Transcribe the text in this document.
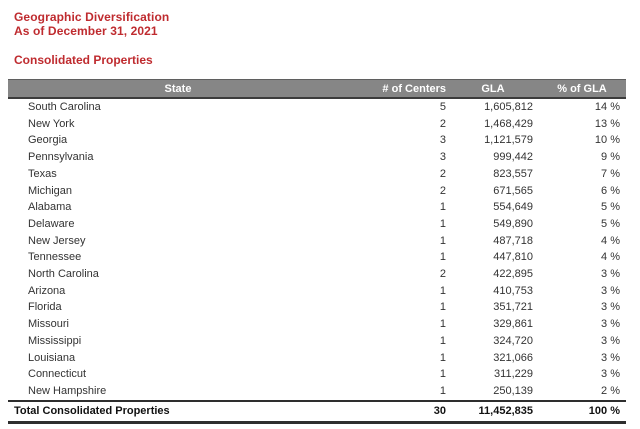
Geographic Diversification
As of December 31, 2021
Consolidated Properties
State	# of Centers	GLA	% of GLA
South Carolina	5	1,605,812	14 %
New York	2	1,468,429	13 %
Georgia	3	1,121,579	10 %
Pennsylvania	3	999,442	9 %
Texas	2	823,557	7 %
Michigan	2	671,565	6 %
Alabama	1	554,649	5 %
Delaware	1	549,890	5 %
New Jersey	1	487,718	4 %
Tennessee	1	447,810	4 %
North Carolina	2	422,895	3 %
Arizona	1	410,753	3 %
Florida	1	351,721	3 %
Missouri	1	329,861	3 %
Mississippi	1	324,720	3 %
Louisiana	1	321,066	3 %
Connecticut	1	311,229	3 %
New Hampshire	1	250,139	2 %
Total Consolidated Properties	30	11,452,835	100 %
